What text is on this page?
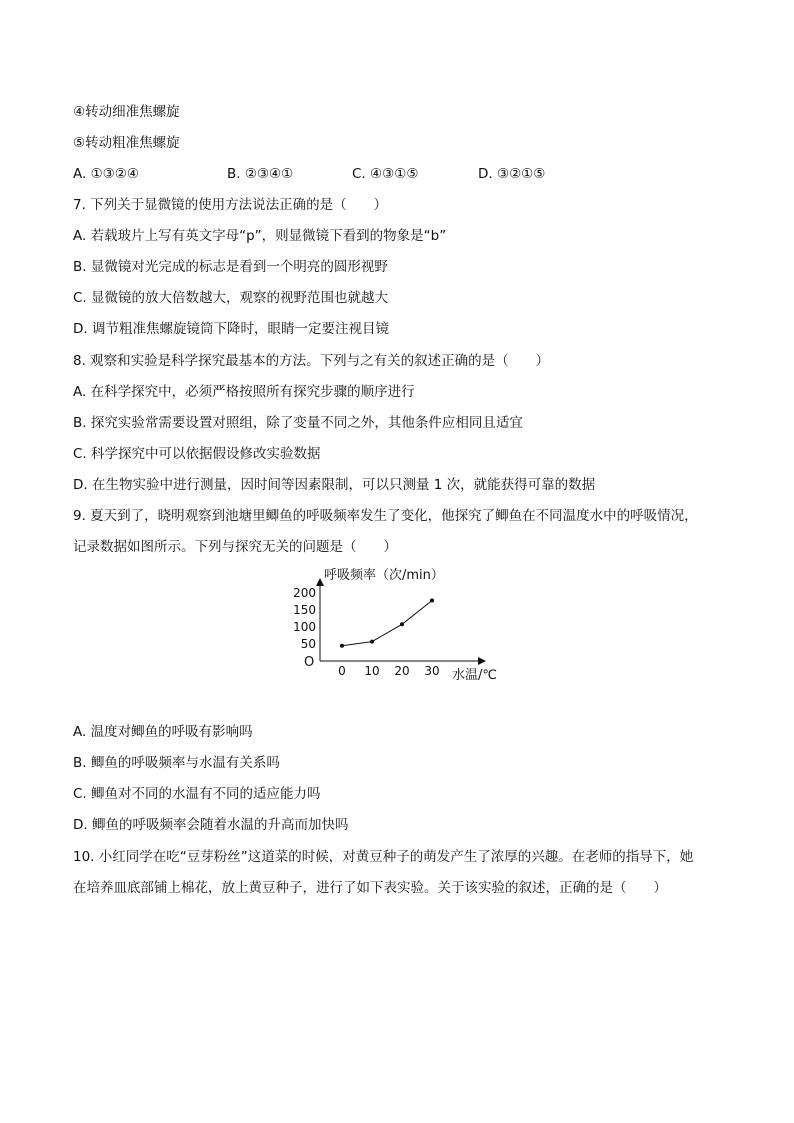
④转动细准焦螺旋
⑤转动粗准焦螺旋
A. ①③②④	B. ②③④①	C. ④③①⑤	D. ③②①⑤
7. 下列关于显微镜的使用方法说法正确的是（　　）
A. 若载玻片上写有英文字母“p”，则显微镜下看到的物象是“b”
B. 显微镜对光完成的标志是看到一个明亮的圆形视野
C. 显微镜的放大倍数越大，观察的视野范围也就越大
D. 调节粗准焦螺旋镜筒下降时，眼睛一定要注视目镜
8. 观察和实验是科学探究最基本的方法。下列与之有关的叙述正确的是（　　）
A. 在科学探究中，必须严格按照所有探究步骤的顺序进行
B. 探究实验常需要设置对照组，除了变量不同之外，其他条件应相同且适宜
C. 科学探究中可以依据假设修改实验数据
D. 在生物实验中进行测量，因时间等因素限制，可以只测量 1 次，就能获得可靠的数据
9. 夏天到了，晓明观察到池塘里鲫鱼的呼吸频率发生了变化，他探究了鲫鱼在不同温度水中的呼吸情况，
记录数据如图所示。下列与探究无关的问题是（　　）
呼吸频率（次/min）
水温/℃
O
50
100
150
200
0 10 20 30
A. 温度对鲫鱼的呼吸有影响吗
B. 鲫鱼的呼吸频率与水温有关系吗
C. 鲫鱼对不同的水温有不同的适应能力吗
D. 鲫鱼的呼吸频率会随着水温的升高而加快吗
10. 小红同学在吃“豆芽粉丝”这道菜的时候，对黄豆种子的萌发产生了浓厚的兴趣。在老师的指导下，她
在培养皿底部铺上棉花，放上黄豆种子，进行了如下表实验。关于该实验的叙述，正确的是（　　）
